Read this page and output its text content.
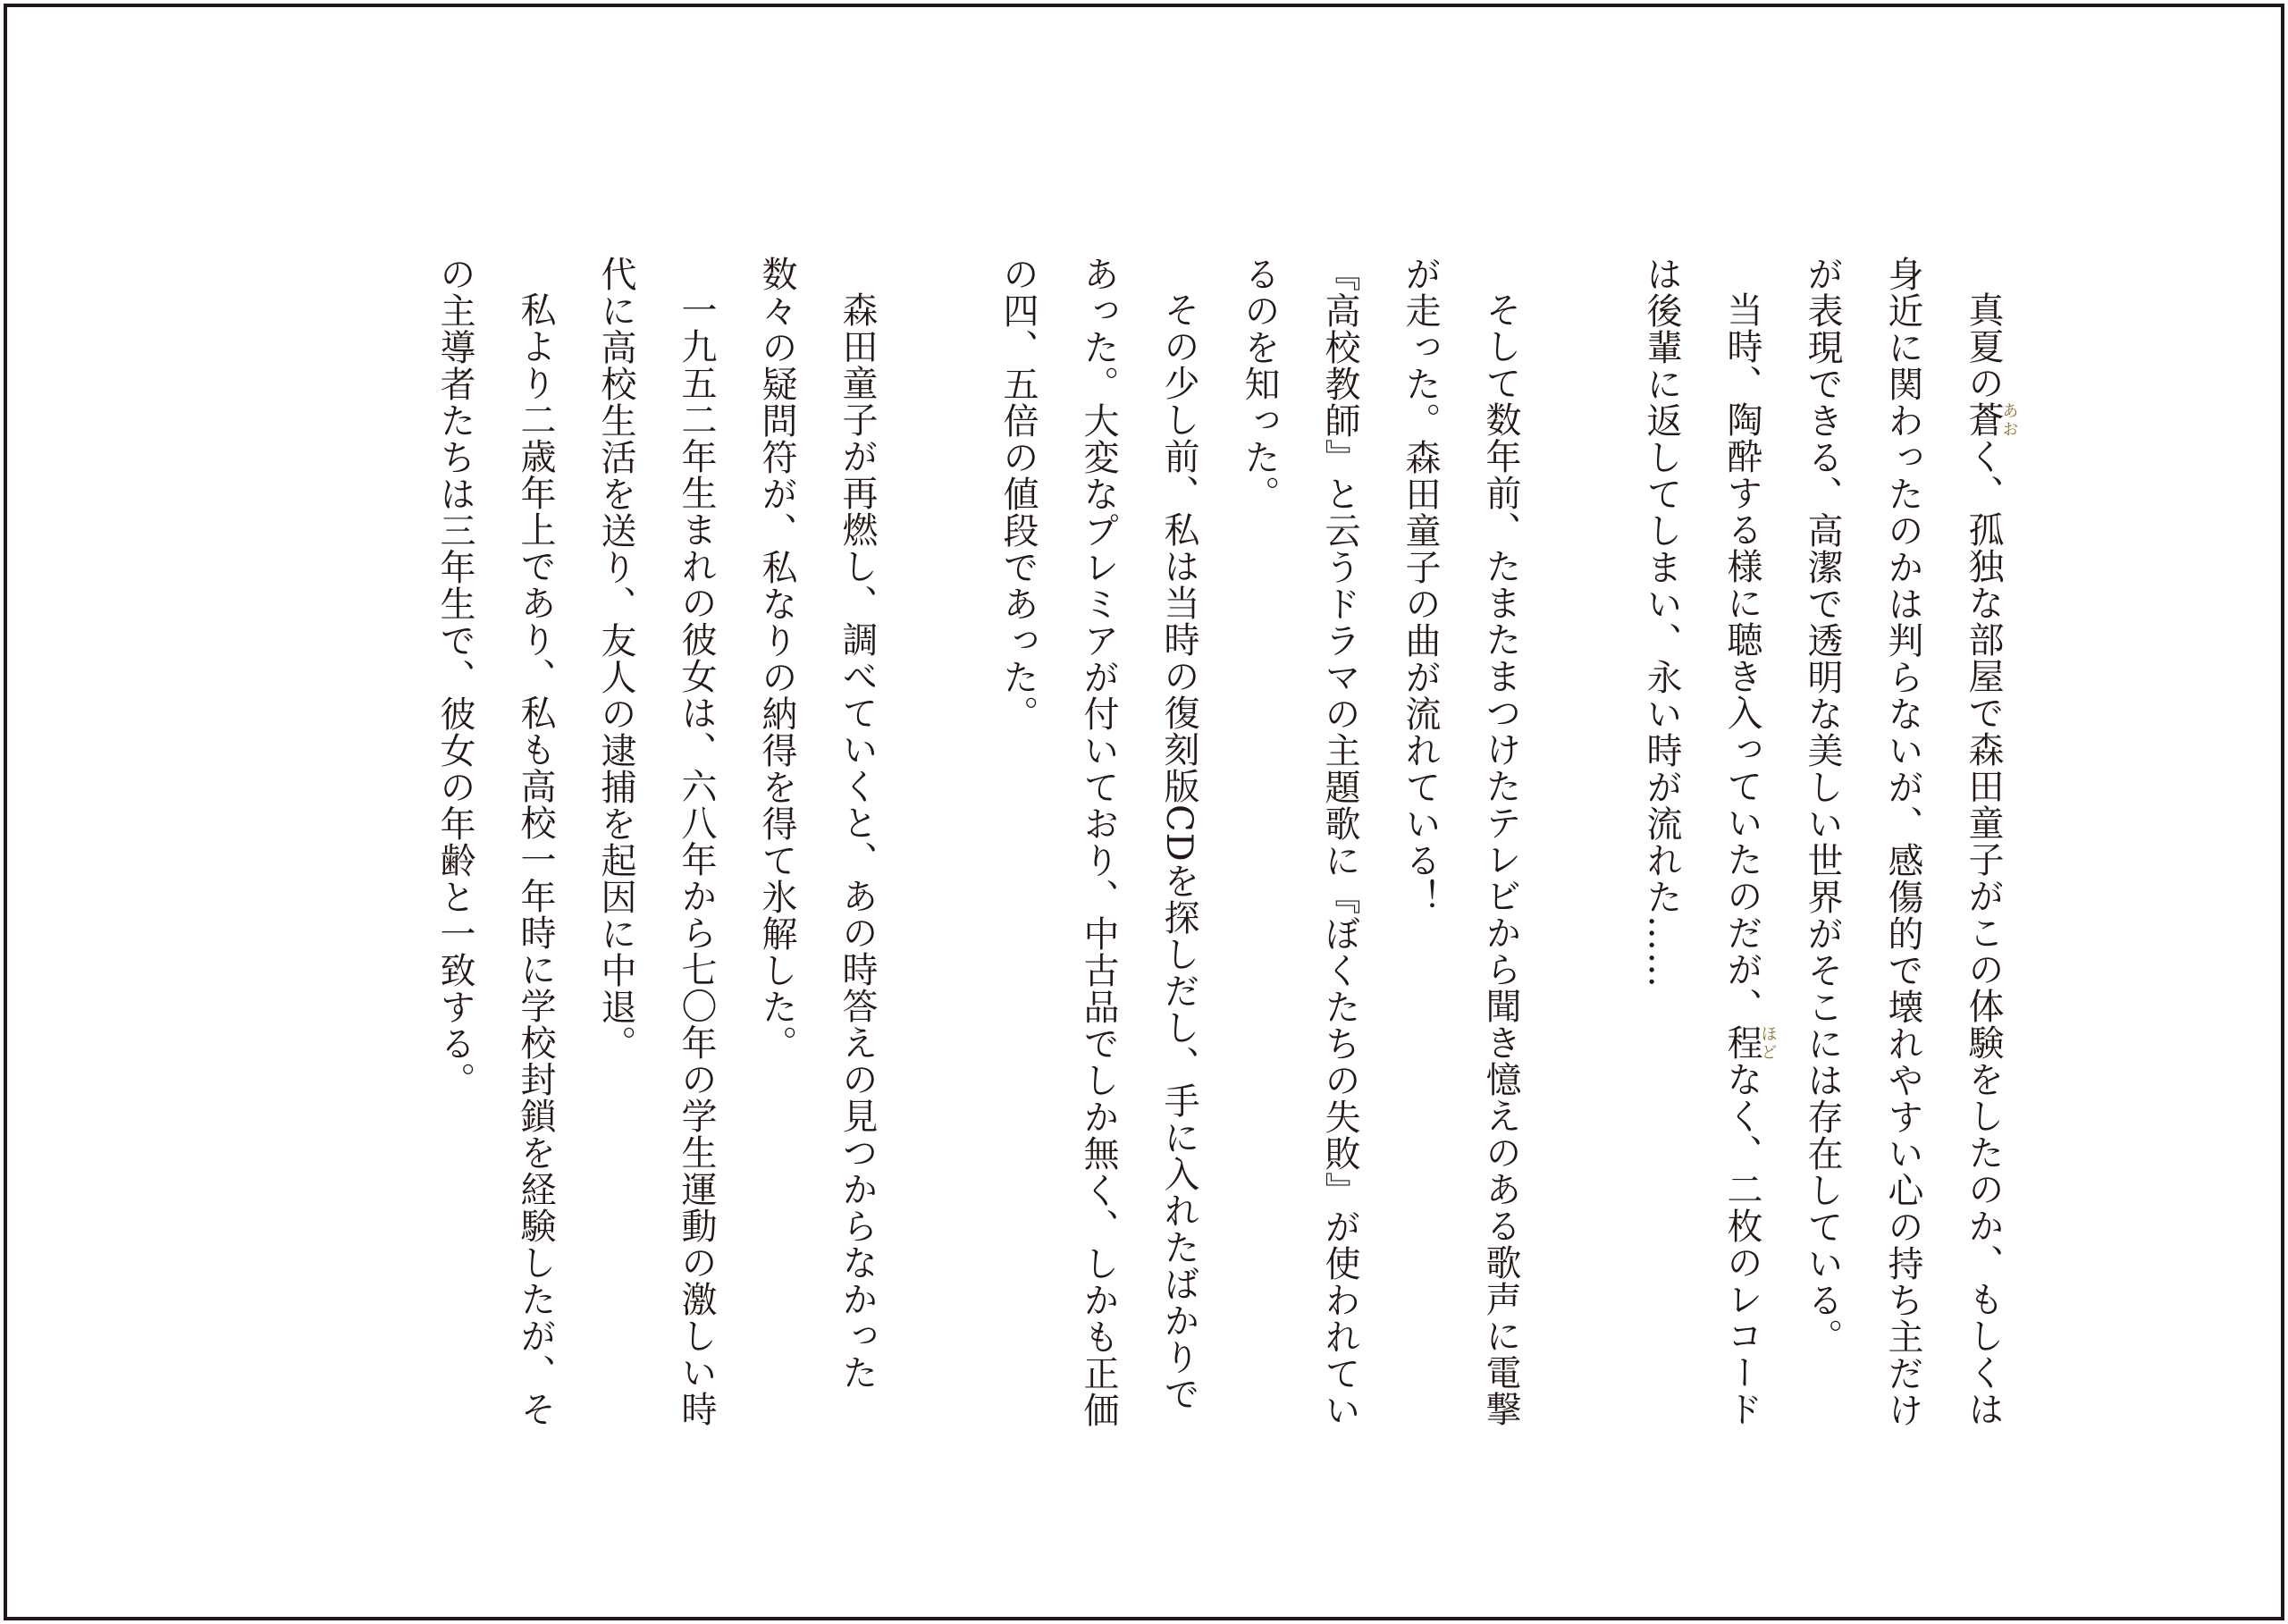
真夏の蒼あおく、孤独な部屋で森田童子がこの体験をしたのか、もしくは身近に関わったのかは判らないが、感傷的で壊れやすい心の持ち主だけが表現できる、高潔で透明な美しい世界がそこには存在している。

当時、陶酔する様に聴き入っていたのだが、程ほどなく、二枚のレコードは後輩に返してしまい、永い時が流れた……

そして数年前、たまたまつけたテレビから聞き憶えのある歌声に電撃が走った。森田童子の曲が流れている！

『高校教師』と云うドラマの主題歌に『ぼくたちの失敗』が使われているのを知った。

その少し前、私は当時の復刻版CDを探しだし、手に入れたばかりであった。大変なプレミアが付いており、中古品でしか無く、しかも正価の四、五倍の値段であった。

森田童子が再燃し、調べていくと、あの時答えの見つからなかった数々の疑問符が、私なりの納得を得て氷解した。

一九五二年生まれの彼女は、六八年から七〇年の学生運動の激しい時代に高校生活を送り、友人の逮捕を起因に中退。

私より二歳年上であり、私も高校一年時に学校封鎖を経験したが、その主導者たちは三年生で、彼女の年齢と一致する。
